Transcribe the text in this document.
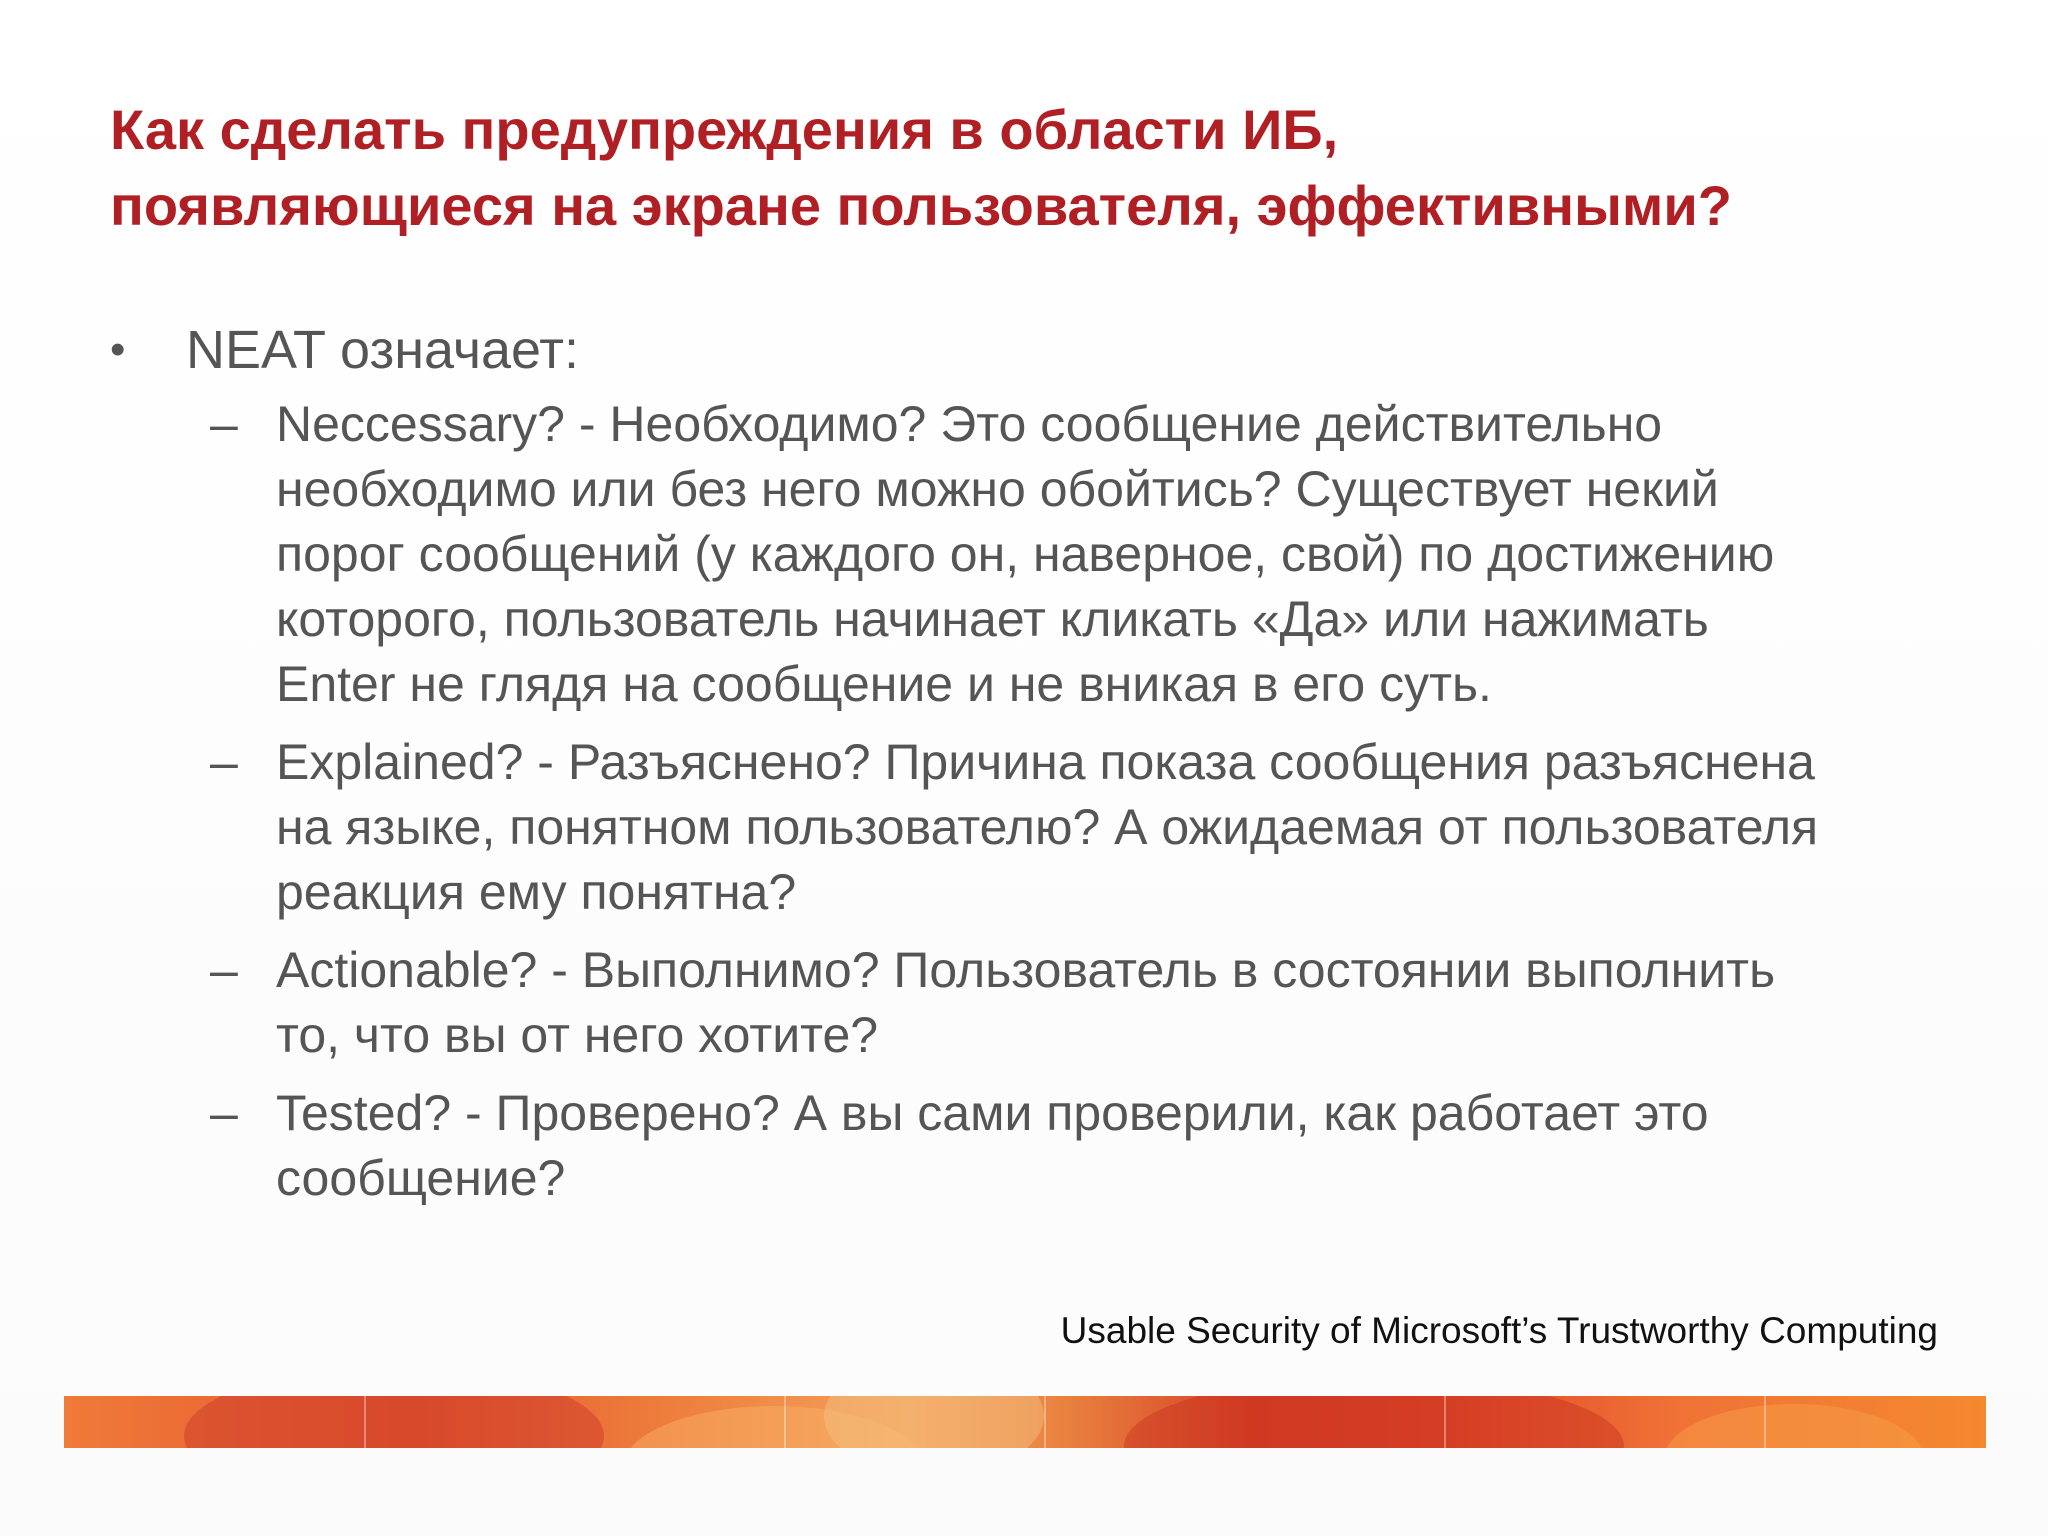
Как сделать предупреждения в области ИБ,
появляющиеся на экране пользователя, эффективными?
•	NEAT означает:
– Neccessary? - Необходимо? Это сообщение действительно
необходимо или без него можно обойтись? Существует некий
порог сообщений (у каждого он, наверное, свой) по достижению
которого, пользователь начинает кликать «Да» или нажимать
Enter не глядя на сообщение и не вникая в его суть.
– Explained? - Разъяснено? Причина показа сообщения разъяснена
на языке, понятном пользователю? А ожидаемая от пользователя
реакция ему понятна?
– Actionable? - Выполнимо? Пользователь в состоянии выполнить
то, что вы от него хотите?
– Tested? - Проверено? А вы сами проверили, как работает это
сообщение?
Usable Security of Microsoft’s Trustworthy Computing
